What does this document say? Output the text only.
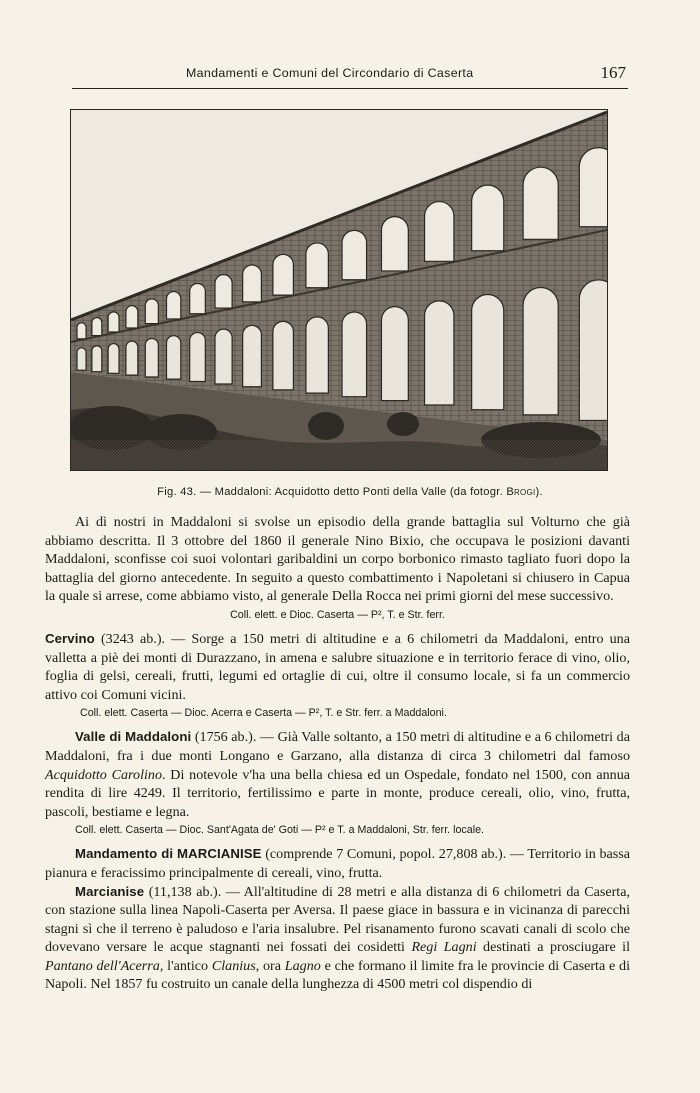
Mandamenti e Comuni del Circondario di Caserta	167
Fig. 43. — Maddaloni: Acquidotto detto Ponti della Valle (da fotogr. Brogi).

Ai dì nostri in Maddaloni si svolse un episodio della grande battaglia sul Volturno che già abbiamo descritta. Il 3 ottobre del 1860 il generale Nino Bixio, che occupava le posizioni davanti Maddaloni, sconfisse coi suoi volontari garibaldini un corpo borbonico rimasto tagliato fuori dopo la battaglia del giorno antecedente. In seguito a questo combattimento i Napoletani si chiusero in Capua la quale si arrese, come abbiamo visto, al generale Della Rocca nei primi giorni del mese successivo.

Coll. elett. e Dioc. Caserta — P², T. e Str. ferr.

Cervino (3243 ab.). — Sorge a 150 metri di altitudine e a 6 chilometri da Maddaloni, entro una valletta a piè dei monti di Durazzano, in amena e salubre situazione e in territorio ferace di vino, olio, foglia di gelsi, cereali, frutti, legumi ed ortaglie di cui, oltre il consumo locale, si fa un commercio attivo coi Comuni vicini.

Coll. elett. Caserta — Dioc. Acerra e Caserta — P², T. e Str. ferr. a Maddaloni.

Valle di Maddaloni (1756 ab.). — Già Valle soltanto, a 150 metri di altitudine e a 6 chilometri da Maddaloni, fra i due monti Longano e Garzano, alla distanza di circa 3 chilometri dal famoso Acquidotto Carolino. Di notevole v'ha una bella chiesa ed un Ospedale, fondato nel 1500, con annua rendita di lire 4249. Il territorio, fertilissimo e parte in monte, produce cereali, olio, vino, frutta, pascoli, bestiame e legna.

Coll. elett. Caserta — Dioc. Sant'Agata de' Goti — P² e T. a Maddaloni, Str. ferr. locale.

Mandamento di MARCIANISE (comprende 7 Comuni, popol. 27,808 ab.). — Territorio in bassa pianura e feracissimo principalmente di cereali, vino, frutta.

Marcianise (11,138 ab.). — All'altitudine di 28 metri e alla distanza di 6 chilometri da Caserta, con stazione sulla linea Napoli-Caserta per Aversa. Il paese giace in bassura e in vicinanza di parecchi stagni sì che il terreno è paludoso e l'aria insalubre. Pel risanamento furono scavati canali di scolo che dovevano versare le acque stagnanti nei fossati dei cosidetti Regi Lagni destinati a prosciugare il Pantano dell'Acerra, l'antico Clanius, ora Lagno e che formano il limite fra le provincie di Caserta e di Napoli. Nel 1857 fu costruito un canale della lunghezza di 4500 metri col dispendio di
